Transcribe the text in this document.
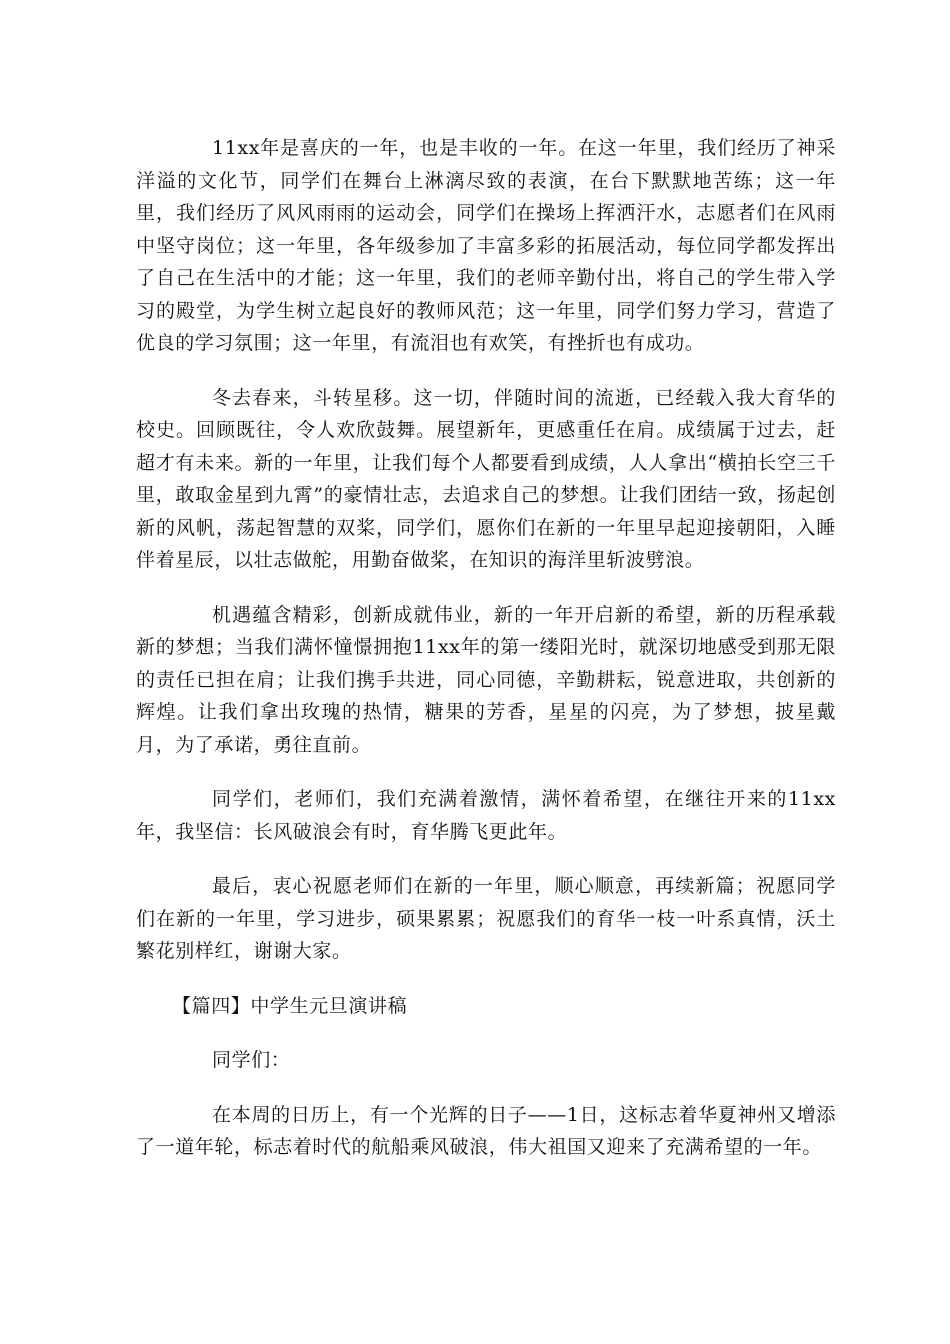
11xx年是喜庆的一年，也是丰收的一年。在这一年里，我们经历了神采洋溢的文化节，同学们在舞台上淋漓尽致的表演，在台下默默地苦练；这一年里，我们经历了风风雨雨的运动会，同学们在操场上挥洒汗水，志愿者们在风雨中坚守岗位；这一年里，各年级参加了丰富多彩的拓展活动，每位同学都发挥出了自己在生活中的才能；这一年里，我们的老师辛勤付出，将自己的学生带入学习的殿堂，为学生树立起良好的教师风范；这一年里，同学们努力学习，营造了优良的学习氛围；这一年里，有流泪也有欢笑，有挫折也有成功。

冬去春来，斗转星移。这一切，伴随时间的流逝，已经载入我大育华的校史。回顾既往，令人欢欣鼓舞。展望新年，更感重任在肩。成绩属于过去，赶超才有未来。新的一年里，让我们每个人都要看到成绩，人人拿出“横拍长空三千里，敢取金星到九霄”的豪情壮志，去追求自己的梦想。让我们团结一致，扬起创新的风帆，荡起智慧的双桨，同学们，愿你们在新的一年里早起迎接朝阳，入睡伴着星辰，以壮志做舵，用勤奋做桨，在知识的海洋里斩波劈浪。

机遇蕴含精彩，创新成就伟业，新的一年开启新的希望，新的历程承载新的梦想；当我们满怀憧憬拥抱11xx年的第一缕阳光时，就深切地感受到那无限的责任已担在肩；让我们携手共进，同心同德，辛勤耕耘，锐意进取，共创新的辉煌。让我们拿出玫瑰的热情，糖果的芳香，星星的闪亮，为了梦想，披星戴月，为了承诺，勇往直前。

同学们，老师们，我们充满着激情，满怀着希望，在继往开来的11xx年，我坚信：长风破浪会有时，育华腾飞更此年。

最后，衷心祝愿老师们在新的一年里，顺心顺意，再续新篇；祝愿同学们在新的一年里，学习进步，硕果累累；祝愿我们的育华一枝一叶系真情，沃土繁花别样红，谢谢大家。

【篇四】中学生元旦演讲稿

同学们：

在本周的日历上，有一个光辉的日子——1日，这标志着华夏神州又增添了一道年轮，标志着时代的航船乘风破浪，伟大祖国又迎来了充满希望的一年。
